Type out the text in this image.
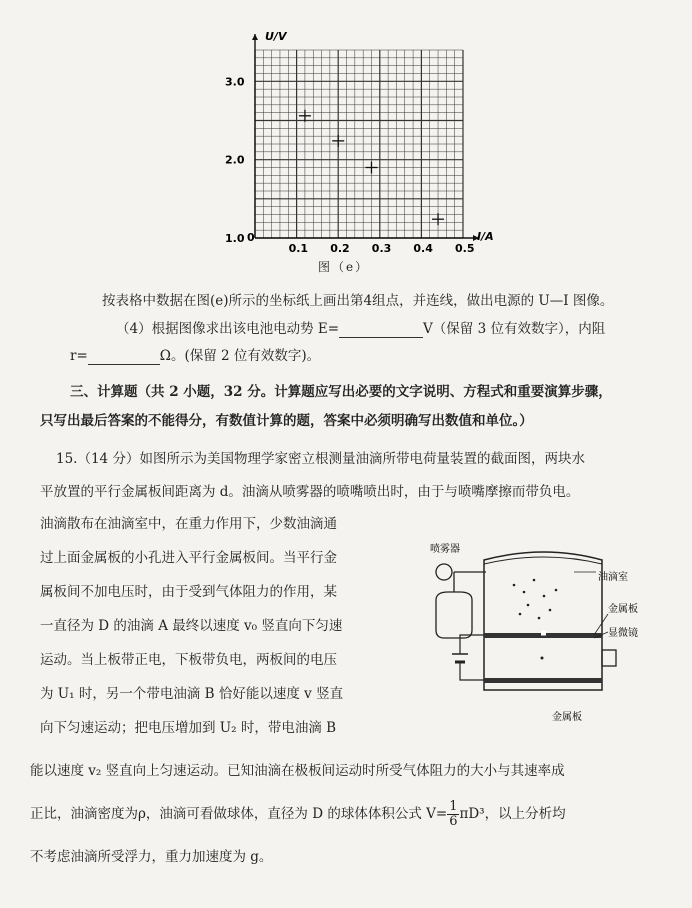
0.1 0.2 0.3 0.4 0.5
1.0
2.0
3.0
U/V
I/A
0
图（e）
按表格中数据在图(e)所示的坐标纸上画出第4组点，并连线，做出电源的 U—I 图像。
（4）根据图像求出该电池电动势 E=	V（保留 3 位有效数字），内阻
r=	Ω。(保留 2 位有效数字)。
三、计算题（共 2 小题，32 分。计算题应写出必要的文字说明、方程式和重要演算步骤，
只写出最后答案的不能得分，有数值计算的题，答案中必须明确写出数值和单位。）
15.（14 分）如图所示为美国物理学家密立根测量油滴所带电荷量装置的截面图，两块水
平放置的平行金属板间距离为 d。油滴从喷雾器的喷嘴喷出时，由于与喷嘴摩擦而带负电。
油滴散布在油滴室中，在重力作用下，少数油滴通
过上面金属板的小孔进入平行金属板间。当平行金
属板间不加电压时，由于受到气体阻力的作用，某
一直径为 D 的油滴 A 最终以速度 v₀ 竖直向下匀速
运动。当上板带正电，下板带负电，两板间的电压
为 U₁ 时，另一个带电油滴 B 恰好能以速度 v 竖直
向下匀速运动；把电压增加到 U₂ 时，带电油滴 B
能以速度 v₂ 竖直向上匀速运动。已知油滴在极板间运动时所受气体阻力的大小与其速率成
正比，油滴密度为ρ，油滴可看做球体，直径为 D 的球体体积公式 $V= \frac{1}{6} \pi D^3$，以上分析均
不考虑油滴所受浮力，重力加速度为 g。
喷雾器
油滴室
金属板
显微镜
金属板
